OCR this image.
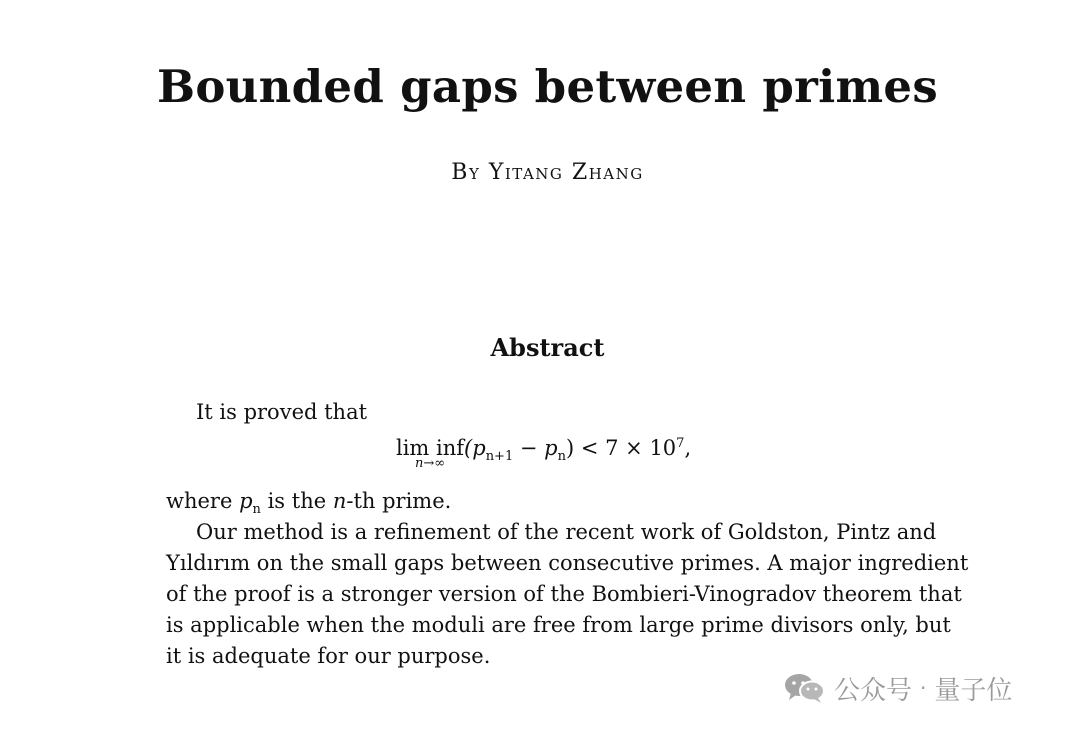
Bounded gaps between primes
By Yitang Zhang
Abstract
It is proved that
lim inf
n→∞
$(p_{n+1} - p_n) < 7 \times 10^7$,
where $p_n$ is the n-th prime.
Our method is a refinement of the recent work of Goldston, Pintz and
Yıldırım on the small gaps between consecutive primes. A major ingredient
of the proof is a stronger version of the Bombieri-Vinogradov theorem that
is applicable when the moduli are free from large prime divisors only, but
it is adequate for our purpose.
公众号 · 量子位
